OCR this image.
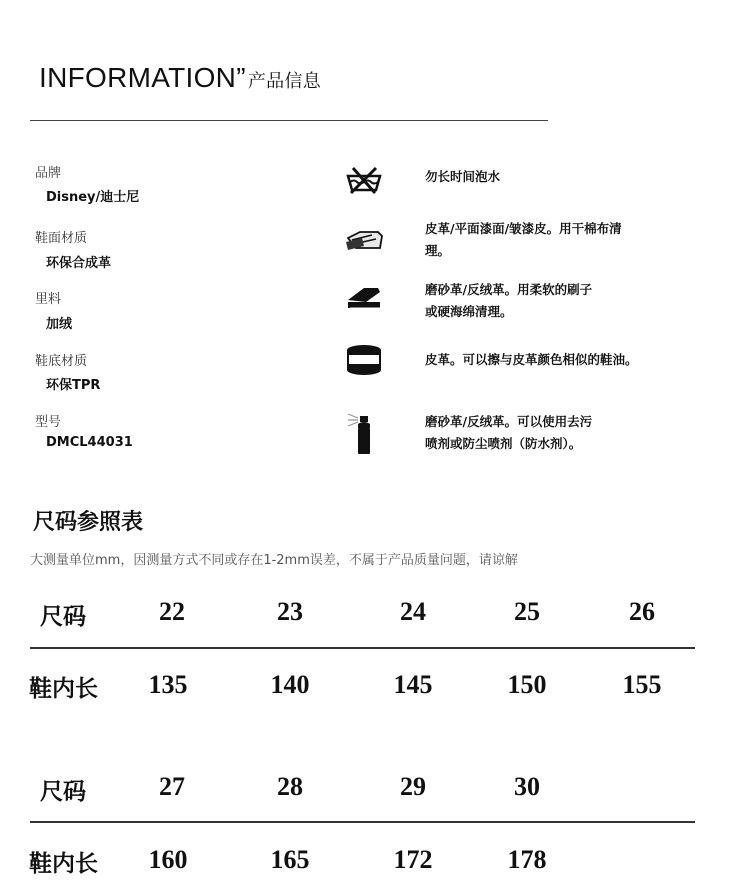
INFORMATION” 产品信息
品牌
Disney/迪士尼
鞋面材质
环保合成革
里料
加绒
鞋底材质
环保TPR
型号
DMCL44031
勿长时间泡水
皮革/平面漆面/皱漆皮。用干棉布清
理。
磨砂革/反绒革。用柔软的刷子
或硬海绵清理。
皮革。可以擦与皮革颜色相似的鞋油。
磨砂革/反绒革。可以使用去污
喷剂或防尘喷剂（防水剂）。
尺码参照表
大测量单位mm，因测量方式不同或存在1-2mm误差，不属于产品质量问题，请谅解
尺码	22	23	24	25	26
鞋内长	135	140	145	150	155
尺码	27	28	29	30
鞋内长	160	165	172	178
